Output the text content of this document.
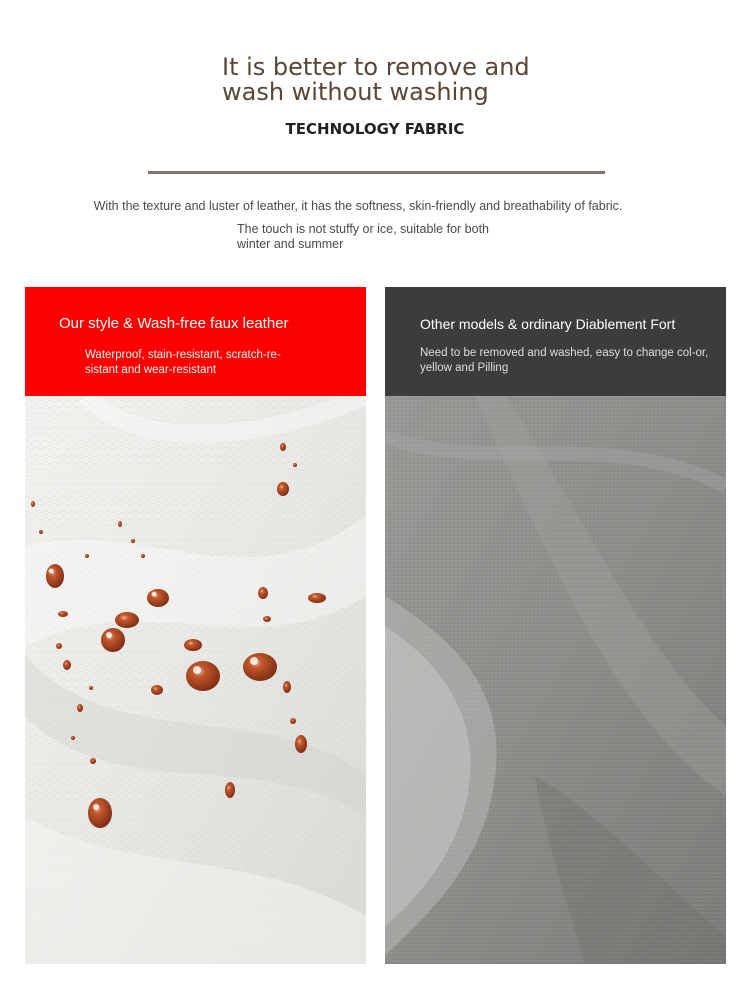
It is better to remove and
wash without washing
TECHNOLOGY FABRIC

With the texture and luster of leather, it has the softness, skin-friendly and breathability of fabric.

The touch is not stuffy or ice, suitable for both winter and summer

Our style & Wash-free faux leather

Waterproof, stain-resistant, scratch-re-sistant and wear-resistant

Other models & ordinary Diablement Fort

Need to be removed and washed, easy to change col-or, yellow and Pilling
